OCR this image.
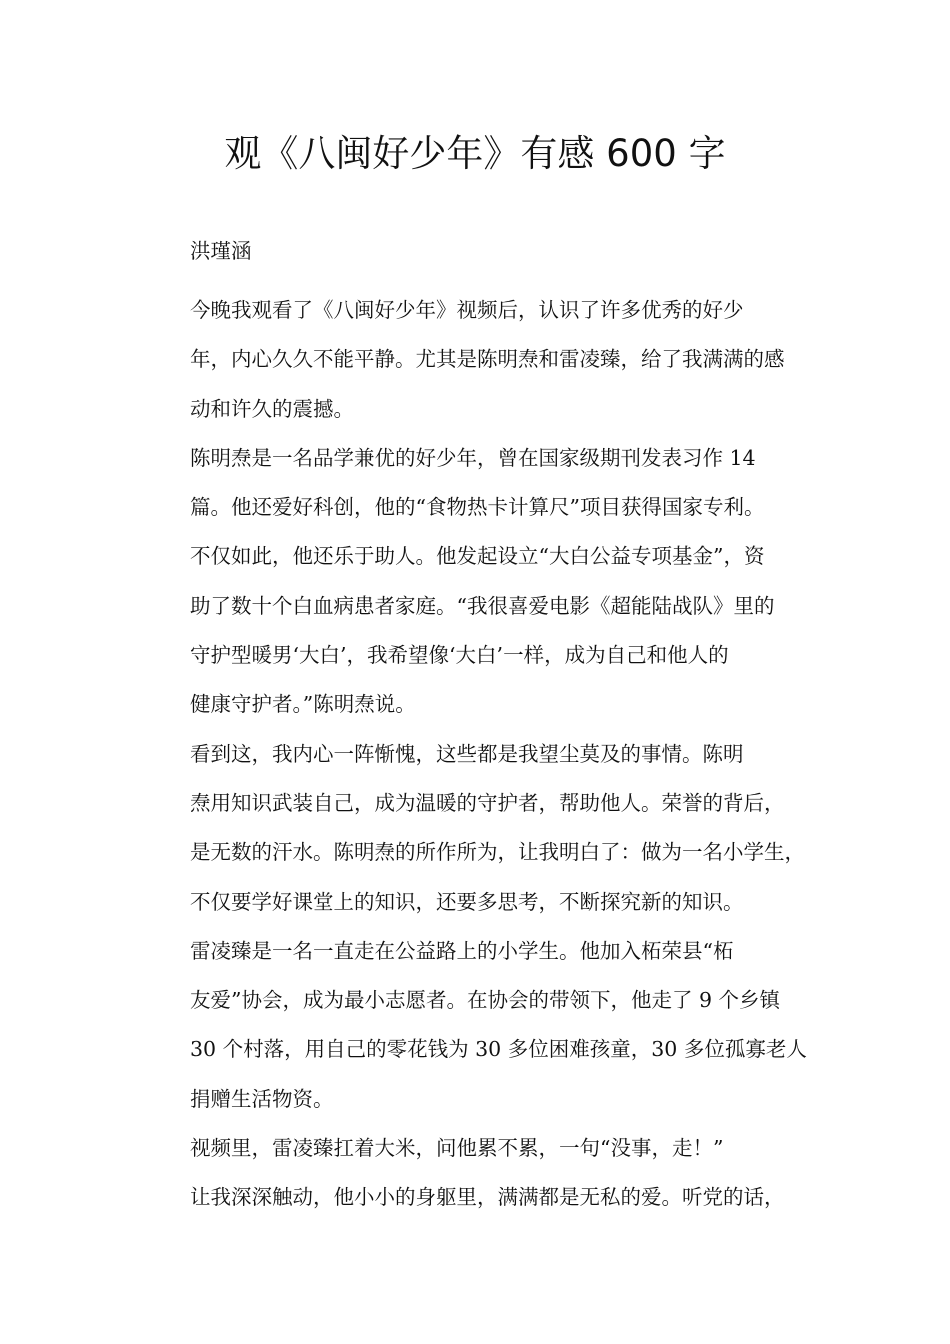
观《八闽好少年》有感 600 字
洪瑾涵

今晚我观看了《八闽好少年》视频后，认识了许多优秀的好少
年，内心久久不能平静。尤其是陈明焘和雷凌臻，给了我满满的感
动和许久的震撼。

陈明焘是一名品学兼优的好少年，曾在国家级期刊发表习作 14
篇。他还爱好科创，他的“食物热卡计算尺”项目获得国家专利。
不仅如此，他还乐于助人。他发起设立“大白公益专项基金”，资
助了数十个白血病患者家庭。“我很喜爱电影《超能陆战队》里的
守护型暖男‘大白’，我希望像‘大白’一样，成为自己和他人的
健康守护者。”陈明焘说。

看到这，我内心一阵惭愧，这些都是我望尘莫及的事情。陈明
焘用知识武装自己，成为温暖的守护者，帮助他人。荣誉的背后，
是无数的汗水。陈明焘的所作所为，让我明白了：做为一名小学生，
不仅要学好课堂上的知识，还要多思考，不断探究新的知识。

雷凌臻是一名一直走在公益路上的小学生。他加入柘荣县“柘
友爱”协会，成为最小志愿者。在协会的带领下，他走了 9 个乡镇
30 个村落，用自己的零花钱为 30 多位困难孩童，30 多位孤寡老人
捐赠生活物资。

视频里，雷凌臻扛着大米，问他累不累，一句“没事，走！”
让我深深触动，他小小的身躯里，满满都是无私的爱。听党的话，
